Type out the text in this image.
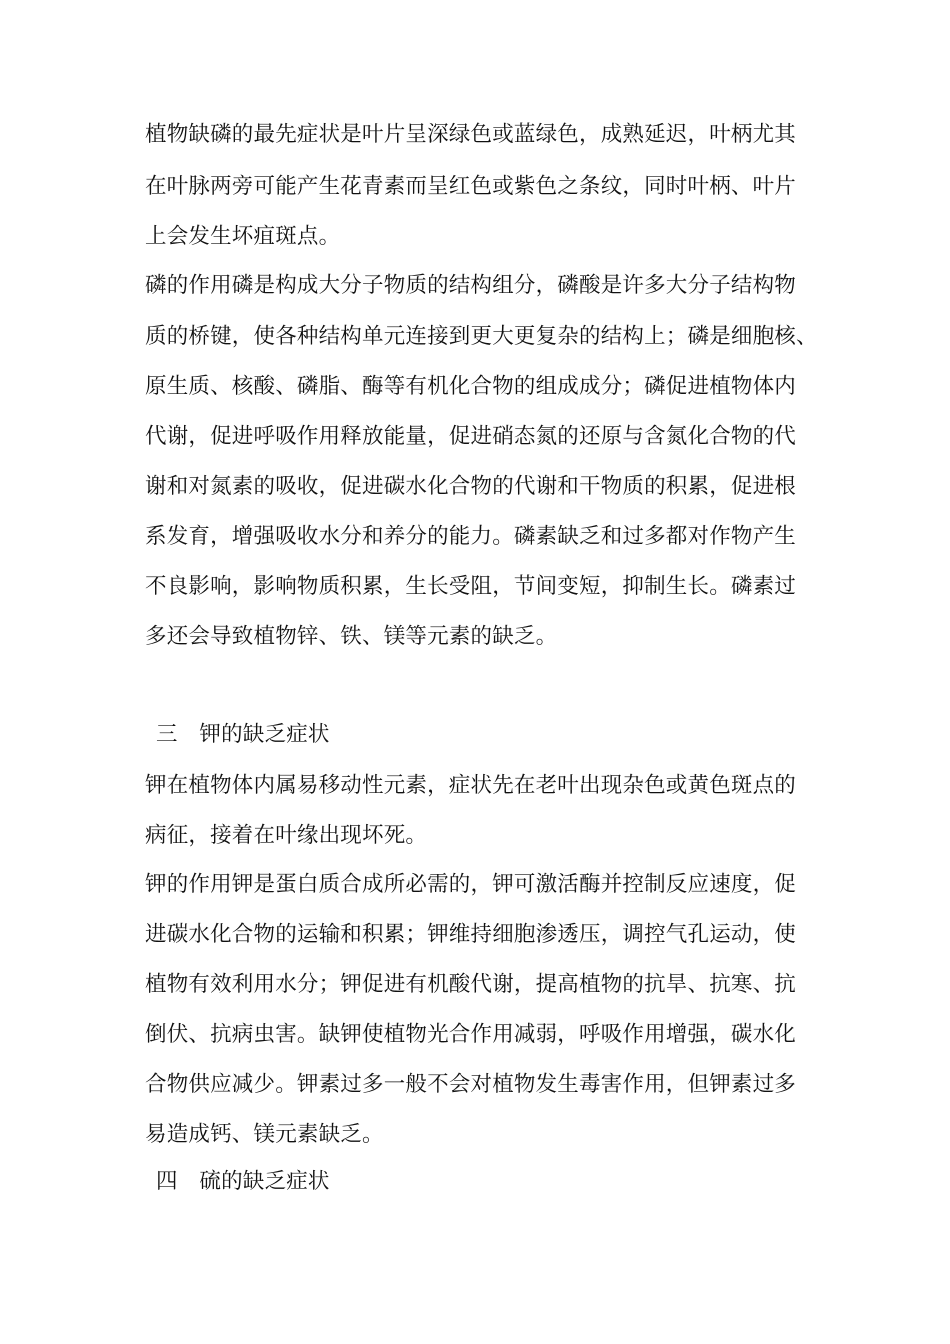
植物缺磷的最先症状是叶片呈深绿色或蓝绿色，成熟延迟，叶柄尤其
在叶脉两旁可能产生花青素而呈红色或紫色之条纹，同时叶柄、叶片
上会发生坏疽斑点。
磷的作用磷是构成大分子物质的结构组分，磷酸是许多大分子结构物
质的桥键，使各种结构单元连接到更大更复杂的结构上；磷是细胞核、
原生质、核酸、磷脂、酶等有机化合物的组成成分；磷促进植物体内
代谢，促进呼吸作用释放能量，促进硝态氮的还原与含氮化合物的代
谢和对氮素的吸收，促进碳水化合物的代谢和干物质的积累，促进根
系发育，增强吸收水分和养分的能力。磷素缺乏和过多都对作物产生
不良影响，影响物质积累，生长受阻，节间变短，抑制生长。磷素过
多还会导致植物锌、铁、镁等元素的缺乏。
三　钾的缺乏症状
钾在植物体内属易移动性元素，症状先在老叶出现杂色或黄色斑点的
病征，接着在叶缘出现坏死。
钾的作用钾是蛋白质合成所必需的，钾可激活酶并控制反应速度，促
进碳水化合物的运输和积累；钾维持细胞渗透压，调控气孔运动，使
植物有效利用水分；钾促进有机酸代谢，提高植物的抗旱、抗寒、抗
倒伏、抗病虫害。缺钾使植物光合作用减弱，呼吸作用增强，碳水化
合物供应减少。钾素过多一般不会对植物发生毒害作用，但钾素过多
易造成钙、镁元素缺乏。
四　硫的缺乏症状
